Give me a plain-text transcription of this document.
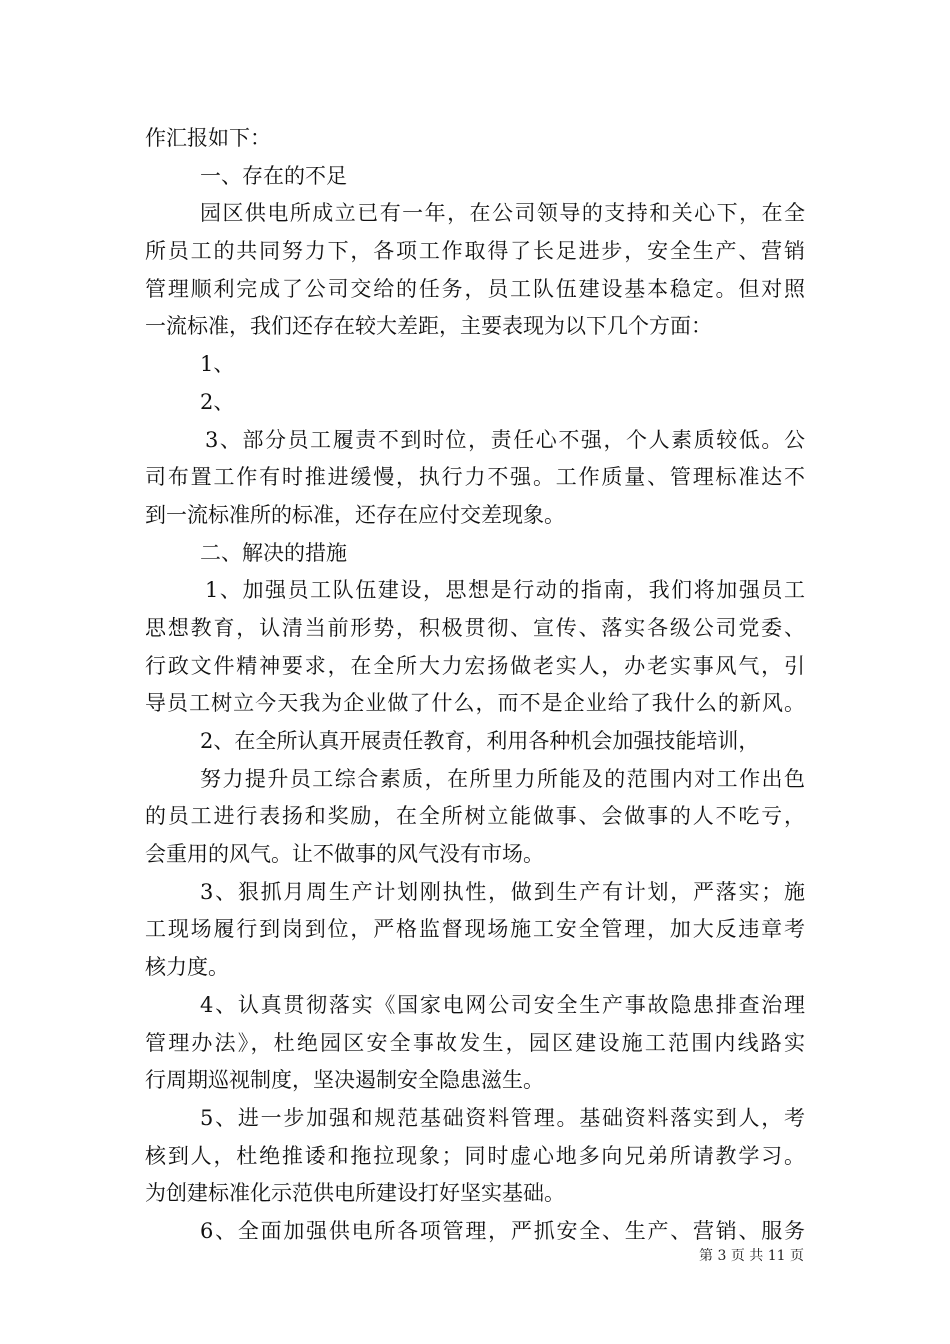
作汇报如下：
一、存在的不足
园区供电所成立已有一年，在公司领导的支持和关心下，在全
所员工的共同努力下，各项工作取得了长足进步，安全生产、营销
管理顺利完成了公司交给的任务，员工队伍建设基本稳定。但对照
一流标准，我们还存在较大差距，主要表现为以下几个方面：
1、
2、
3、部分员工履责不到时位，责任心不强，个人素质较低。公
司布置工作有时推进缓慢，执行力不强。工作质量、管理标准达不
到一流标准所的标准，还存在应付交差现象。
二、解决的措施
1、加强员工队伍建设，思想是行动的指南，我们将加强员工
思想教育，认清当前形势，积极贯彻、宣传、落实各级公司党委、
行政文件精神要求，在全所大力宏扬做老实人，办老实事风气，引
导员工树立今天我为企业做了什么，而不是企业给了我什么的新风。
2、在全所认真开展责任教育，利用各种机会加强技能培训，
努力提升员工综合素质，在所里力所能及的范围内对工作出色
的员工进行表扬和奖励，在全所树立能做事、会做事的人不吃亏，
会重用的风气。让不做事的风气没有市场。
3、狠抓月周生产计划刚执性，做到生产有计划，严落实；施
工现场履行到岗到位，严格监督现场施工安全管理，加大反违章考
核力度。
4、认真贯彻落实《国家电网公司安全生产事故隐患排查治理
管理办法》，杜绝园区安全事故发生，园区建设施工范围内线路实
行周期巡视制度，坚决遏制安全隐患滋生。
5、进一步加强和规范基础资料管理。基础资料落实到人，考
核到人，杜绝推诿和拖拉现象；同时虚心地多向兄弟所请教学习。
为创建标准化示范供电所建设打好坚实基础。
6、全面加强供电所各项管理，严抓安全、生产、营销、服务
第 3 页 共 11 页
